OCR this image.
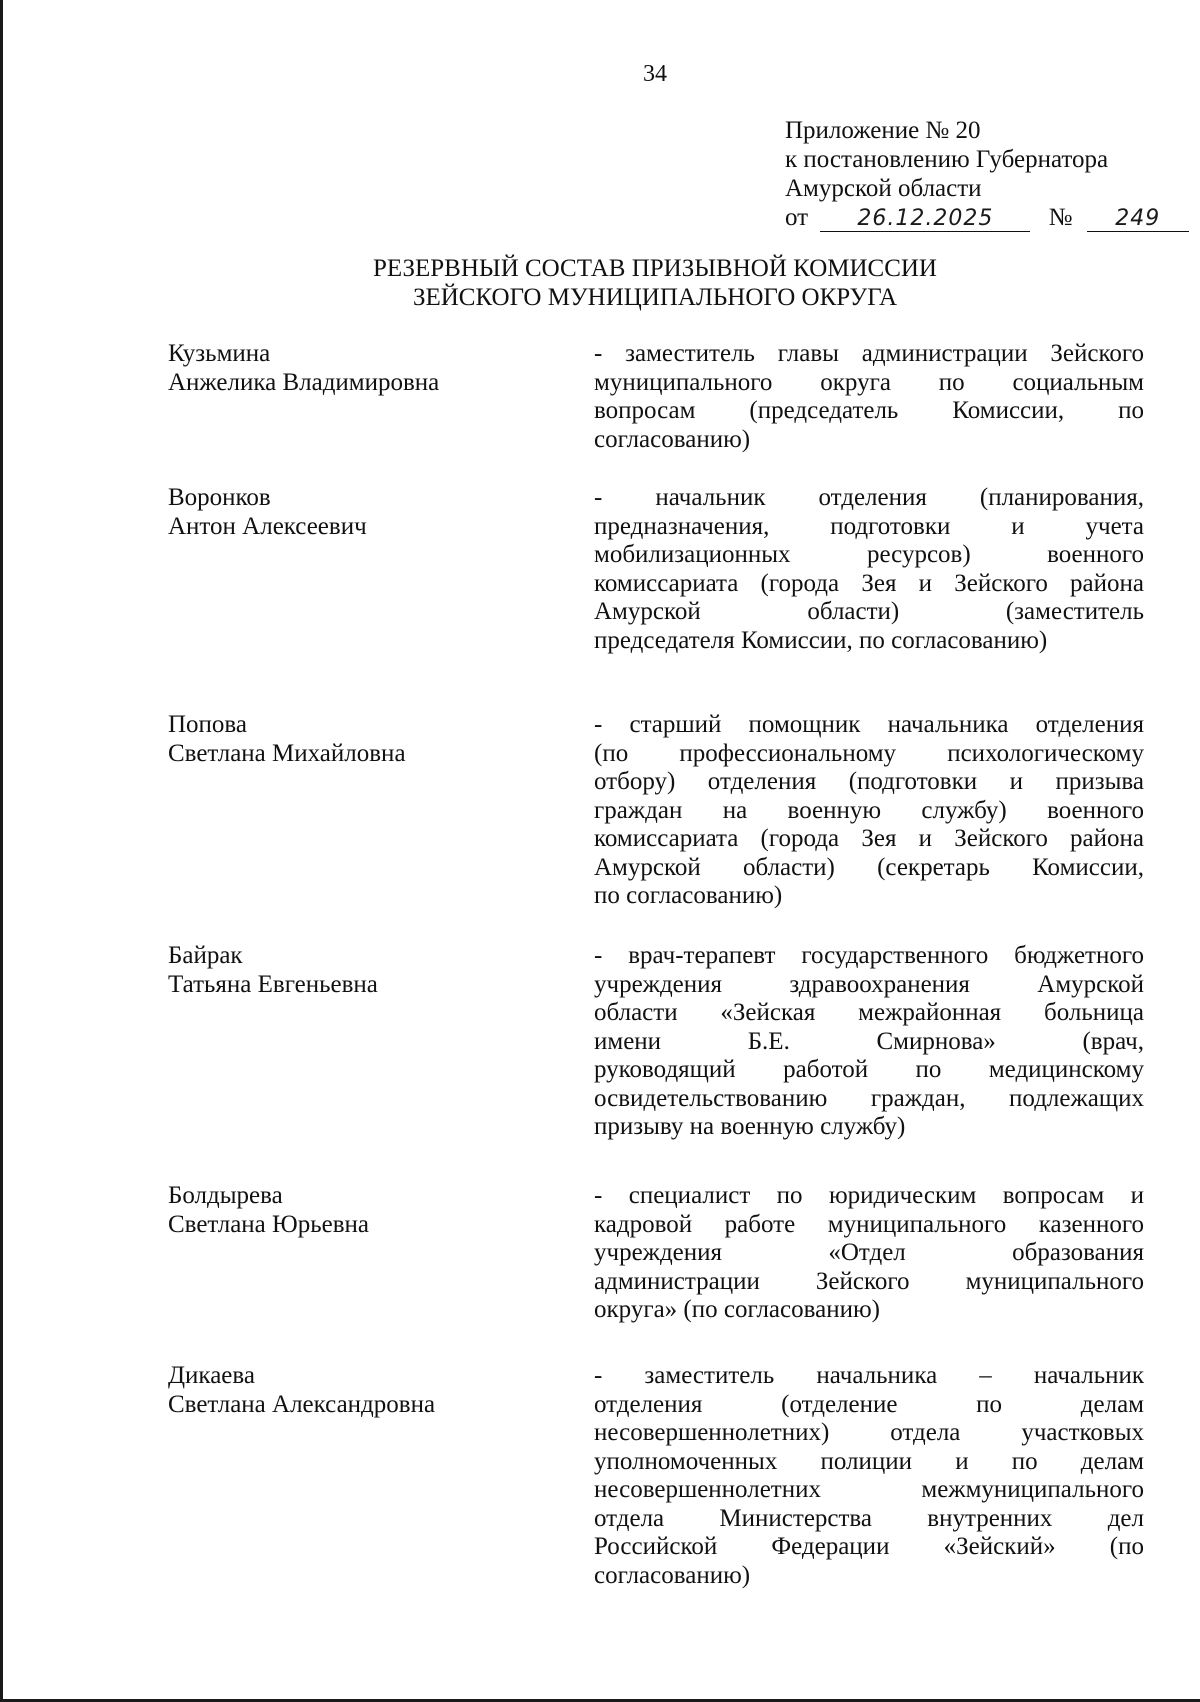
34
Приложение № 20
к постановлению Губернатора
Амурской области
от 26.12.2025 № 249
РЕЗЕРВНЫЙ СОСТАВ ПРИЗЫВНОЙ КОМИССИИ
ЗЕЙСКОГО МУНИЦИПАЛЬНОГО ОКРУГА
Кузьмина
Анжелика Владимировна
- заместитель главы администрации Зейского
муниципального округа по социальным
вопросам (председатель Комиссии, по
согласованию)
Воронков
Антон Алексеевич
- начальник отделения (планирования,
предназначения, подготовки и учета
мобилизационных ресурсов) военного
комиссариата (города Зея и Зейского района
Амурской области) (заместитель
председателя Комиссии, по согласованию)
Попова
Светлана Михайловна
- старший помощник начальника отделения
(по профессиональному психологическому
отбору) отделения (подготовки и призыва
граждан на военную службу) военного
комиссариата (города Зея и Зейского района
Амурской области) (секретарь Комиссии,
по согласованию)
Байрак
Татьяна Евгеньевна
- врач-терапевт государственного бюджетного
учреждения здравоохранения Амурской
области «Зейская межрайонная больница
имени Б.Е. Смирнова» (врач,
руководящий работой по медицинскому
освидетельствованию граждан, подлежащих
призыву на военную службу)
Болдырева
Светлана Юрьевна
- специалист по юридическим вопросам и
кадровой работе муниципального казенного
учреждения «Отдел образования
администрации Зейского муниципального
округа» (по согласованию)
Дикаева
Светлана Александровна
- заместитель начальника – начальник
отделения (отделение по делам
несовершеннолетних) отдела участковых
уполномоченных полиции и по делам
несовершеннолетних межмуниципального
отдела Министерства внутренних дел
Российской Федерации «Зейский» (по
согласованию)
